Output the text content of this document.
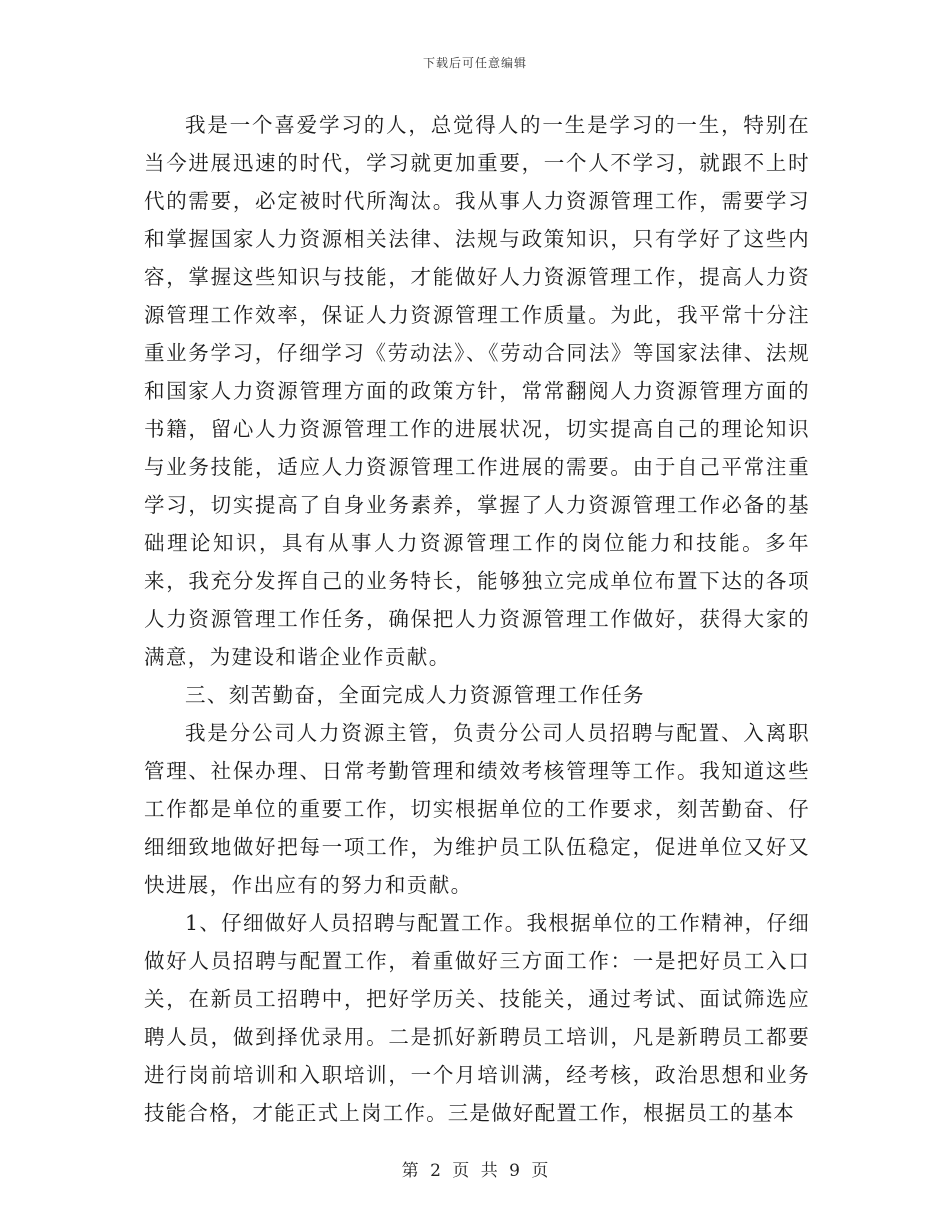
下载后可任意编辑

我是一个喜爱学习的人，总觉得人的一生是学习的一生，特别在当今进展迅速的时代，学习就更加重要，一个人不学习，就跟不上时代的需要，必定被时代所淘汰。我从事人力资源管理工作，需要学习和掌握国家人力资源相关法律、法规与政策知识，只有学好了这些内容，掌握这些知识与技能，才能做好人力资源管理工作，提高人力资源管理工作效率，保证人力资源管理工作质量。为此，我平常十分注重业务学习，仔细学习《劳动法》、《劳动合同法》等国家法律、法规和国家人力资源管理方面的政策方针，常常翻阅人力资源管理方面的书籍，留心人力资源管理工作的进展状况，切实提高自己的理论知识与业务技能，适应人力资源管理工作进展的需要。由于自己平常注重学习，切实提高了自身业务素养，掌握了人力资源管理工作必备的基础理论知识，具有从事人力资源管理工作的岗位能力和技能。多年来，我充分发挥自己的业务特长，能够独立完成单位布置下达的各项人力资源管理工作任务，确保把人力资源管理工作做好，获得大家的满意，为建设和谐企业作贡献。

三、刻苦勤奋，全面完成人力资源管理工作任务

我是分公司人力资源主管，负责分公司人员招聘与配置、入离职管理、社保办理、日常考勤管理和绩效考核管理等工作。我知道这些工作都是单位的重要工作，切实根据单位的工作要求，刻苦勤奋、仔细细致地做好把每一项工作，为维护员工队伍稳定，促进单位又好又快进展，作出应有的努力和贡献。

1、仔细做好人员招聘与配置工作。我根据单位的工作精神，仔细做好人员招聘与配置工作，着重做好三方面工作：一是把好员工入口关，在新员工招聘中，把好学历关、技能关，通过考试、面试筛选应聘人员，做到择优录用。二是抓好新聘员工培训，凡是新聘员工都要进行岗前培训和入职培训，一个月培训满，经考核，政治思想和业务技能合格，才能正式上岗工作。三是做好配置工作，根据员工的基本

第 2 页 共 9 页
